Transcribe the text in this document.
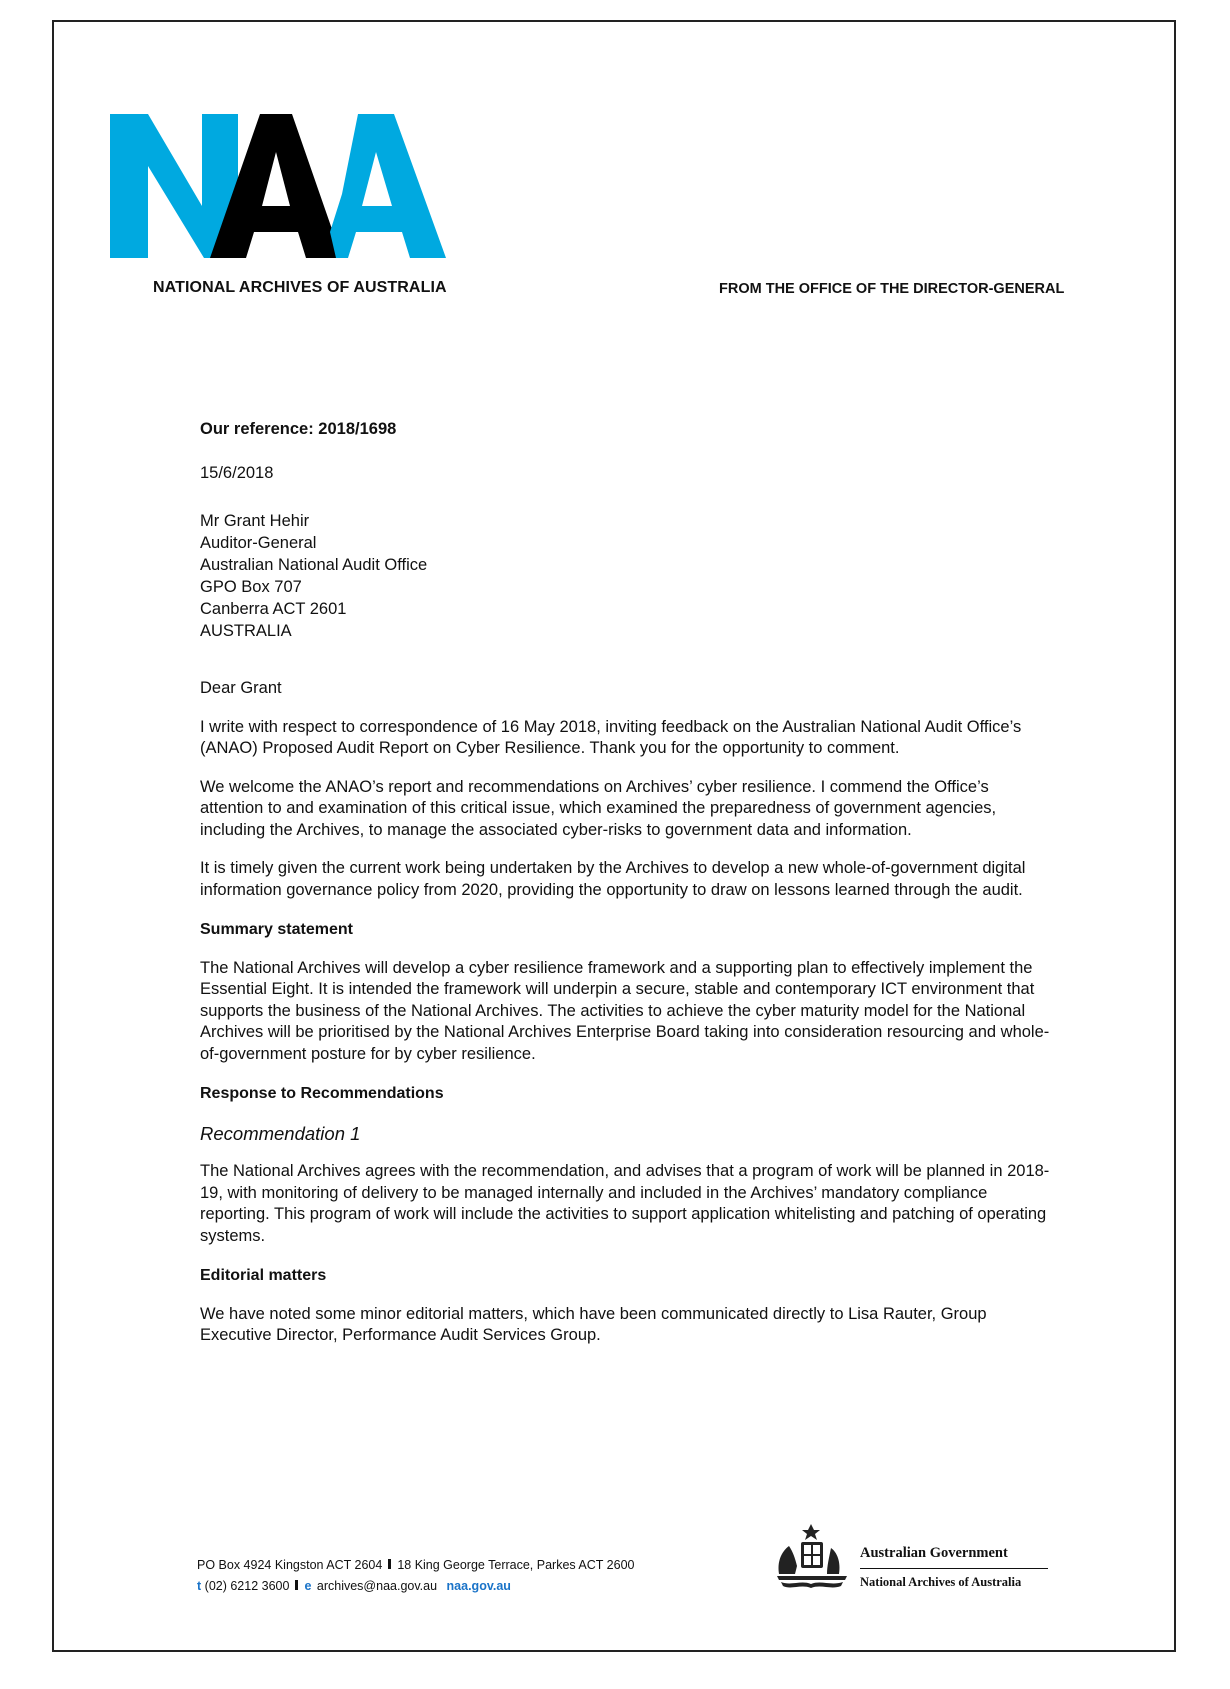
NATIONAL ARCHIVES OF AUSTRALIA	FROM THE OFFICE OF THE DIRECTOR-GENERAL

Our reference: 2018/1698

15/6/2018

Mr Grant Hehir
Auditor-General
Australian National Audit Office
GPO Box 707
Canberra ACT 2601
AUSTRALIA

Dear Grant

I write with respect to correspondence of 16 May 2018, inviting feedback on the Australian National Audit Office’s (ANAO) Proposed Audit Report on Cyber Resilience. Thank you for the opportunity to comment.

We welcome the ANAO’s report and recommendations on Archives’ cyber resilience. I commend the Office’s attention to and examination of this critical issue, which examined the preparedness of government agencies, including the Archives, to manage the associated cyber-risks to government data and information.

It is timely given the current work being undertaken by the Archives to develop a new whole-of-government digital information governance policy from 2020, providing the opportunity to draw on lessons learned through the audit.

Summary statement

The National Archives will develop a cyber resilience framework and a supporting plan to effectively implement the Essential Eight. It is intended the framework will underpin a secure, stable and contemporary ICT environment that supports the business of the National Archives. The activities to achieve the cyber maturity model for the National Archives will be prioritised by the National Archives Enterprise Board taking into consideration resourcing and whole-of-government posture for by cyber resilience.

Response to Recommendations

Recommendation 1

The National Archives agrees with the recommendation, and advises that a program of work will be planned in 2018-19, with monitoring of delivery to be managed internally and included in the Archives’ mandatory compliance reporting. This program of work will include the activities to support application whitelisting and patching of operating systems.

Editorial matters

We have noted some minor editorial matters, which have been communicated directly to Lisa Rauter, Group Executive Director, Performance Audit Services Group.

PO Box 4924 Kingston ACT 2604 18 King George Terrace, Parkes ACT 2600
t (02) 6212 3600 e archives@naa.gov.au naa.gov.au
Australian Government
National Archives of Australia
